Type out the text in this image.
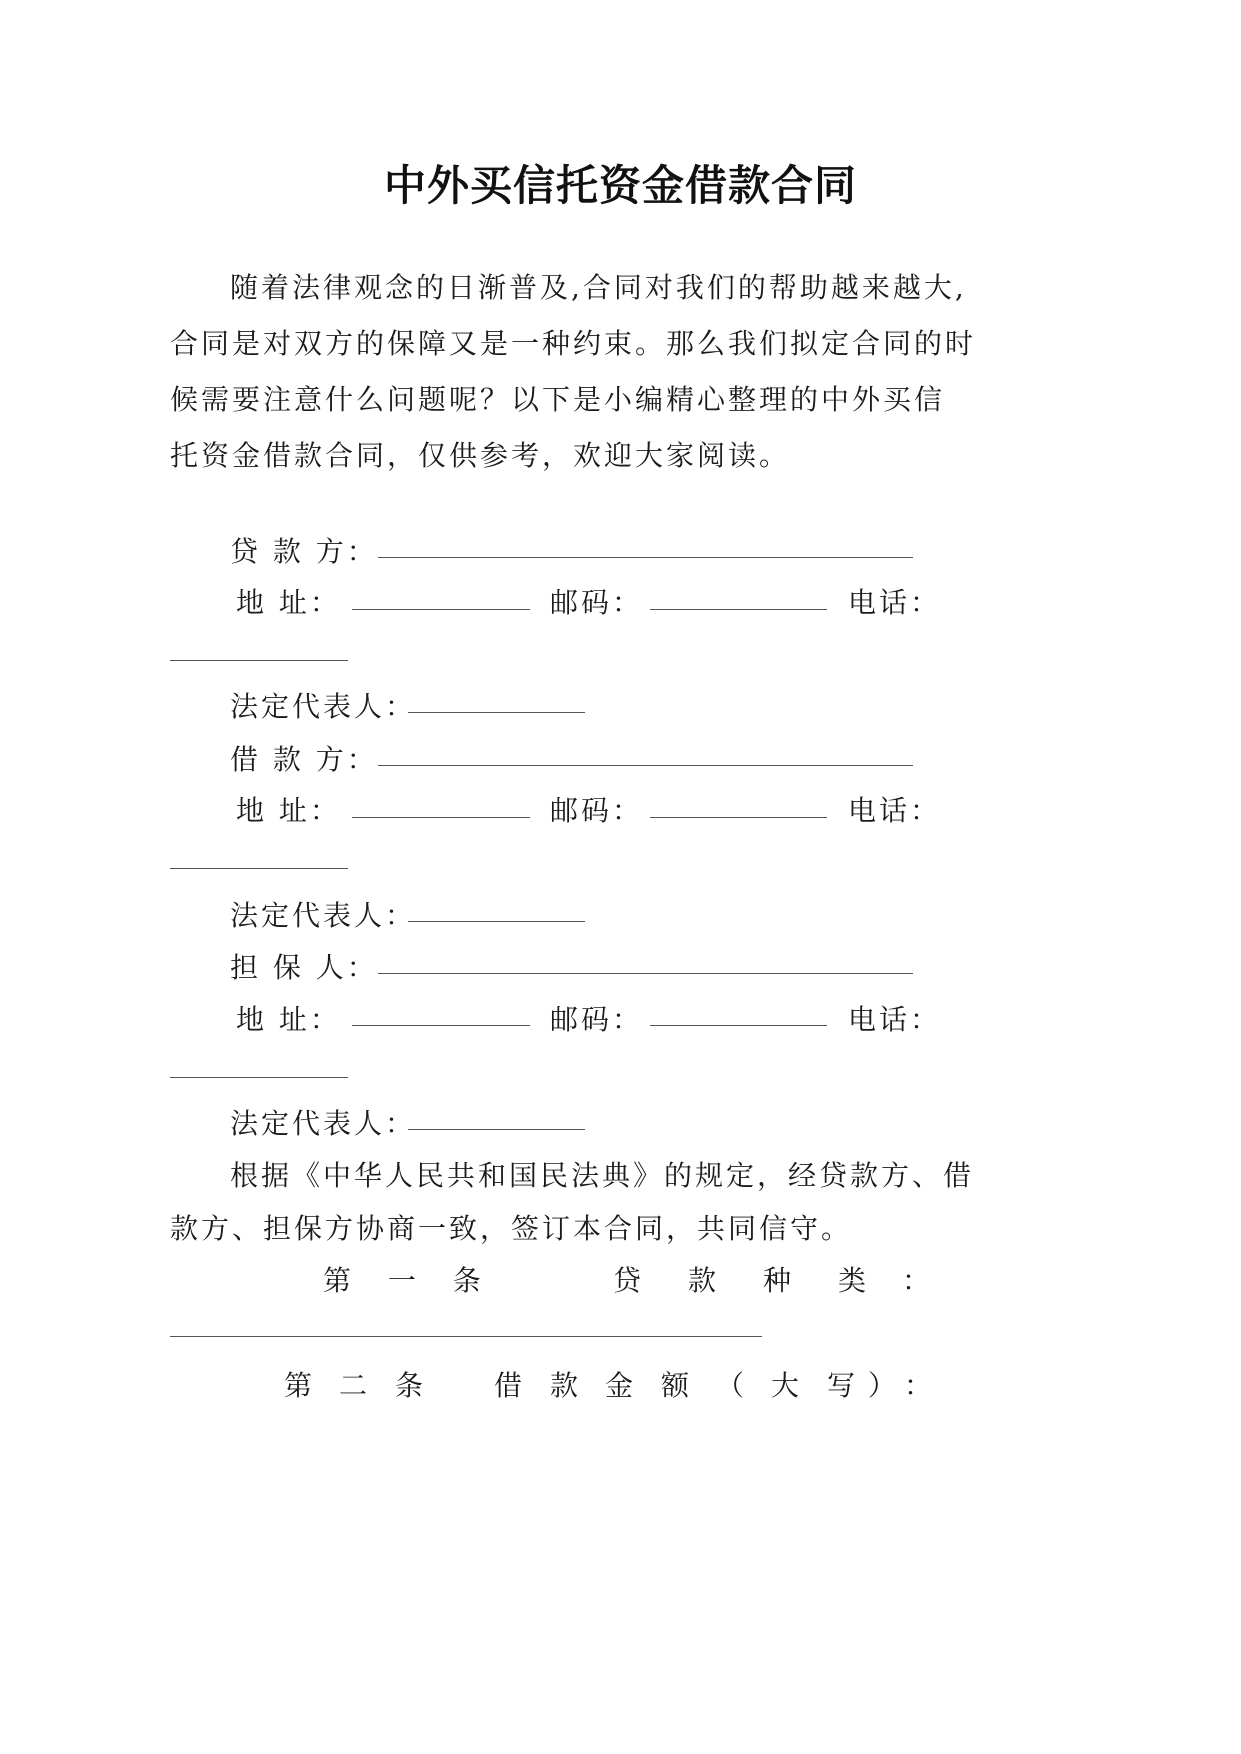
中外买信托资金借款合同
随着法律观念的日渐普及,合同对我们的帮助越来越大,
合同是对双方的保障又是一种约束。那么我们拟定合同的时
候需要注意什么问题呢？以下是小编精心整理的中外买信
托资金借款合同，仅供参考，欢迎大家阅读。
贷 款 方：
地 址：	邮码：	电话：
法定代表人：
借 款 方：
地 址：	邮码：	电话：
法定代表人：
担 保 人：
地 址：	邮码：	电话：
法定代表人：
根据《中华人民共和国民法典》的规定，经贷款方、借
款方、担保方协商一致，签订本合同，共同信守。
第 一 条	贷 款 种 类 ：
第 二 条	借 款 金 额 （ 大 写 ） ：
